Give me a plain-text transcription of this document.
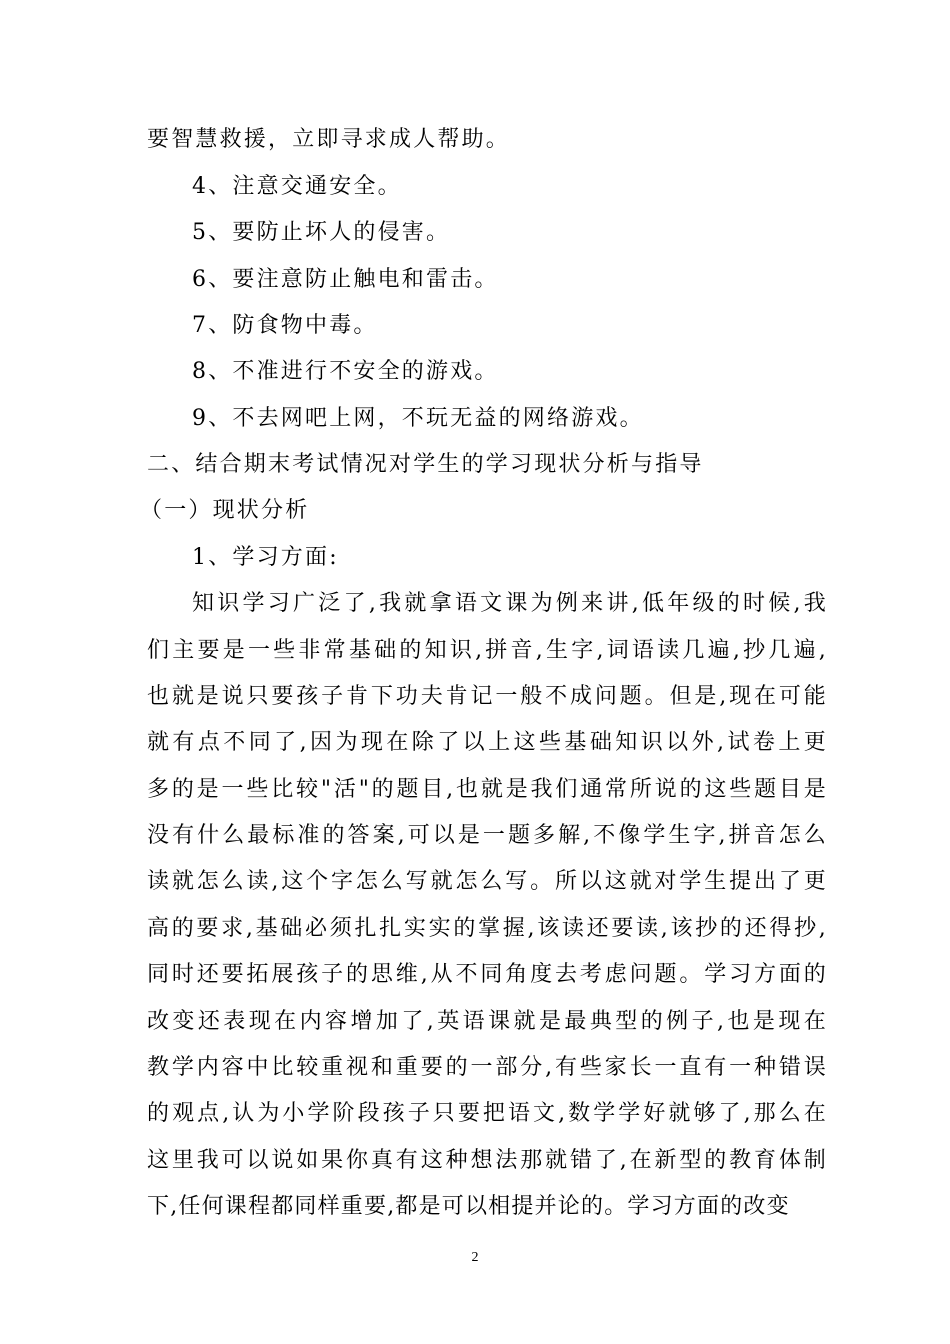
要智慧救援，立即寻求成人帮助。
4、注意交通安全。
5、要防止坏人的侵害。
6、要注意防止触电和雷击。
7、防食物中毒。
8、不准进行不安全的游戏。
9、不去网吧上网，不玩无益的网络游戏。
二、结合期末考试情况对学生的学习现状分析与指导
（一）现状分析
1、学习方面:
知识学习广泛了,我就拿语文课为例来讲,低年级的时候,我
们主要是一些非常基础的知识,拼音,生字,词语读几遍,抄几遍,
也就是说只要孩子肯下功夫肯记一般不成问题。但是,现在可能
就有点不同了,因为现在除了以上这些基础知识以外,试卷上更
多的是一些比较"活"的题目,也就是我们通常所说的这些题目是
没有什么最标准的答案,可以是一题多解,不像学生字,拼音怎么
读就怎么读,这个字怎么写就怎么写。所以这就对学生提出了更
高的要求,基础必须扎扎实实的掌握,该读还要读,该抄的还得抄,
同时还要拓展孩子的思维,从不同角度去考虑问题。学习方面的
改变还表现在内容增加了,英语课就是最典型的例子,也是现在
教学内容中比较重视和重要的一部分,有些家长一直有一种错误
的观点,认为小学阶段孩子只要把语文,数学学好就够了,那么在
这里我可以说如果你真有这种想法那就错了,在新型的教育体制
下,任何课程都同样重要,都是可以相提并论的。学习方面的改变
2
